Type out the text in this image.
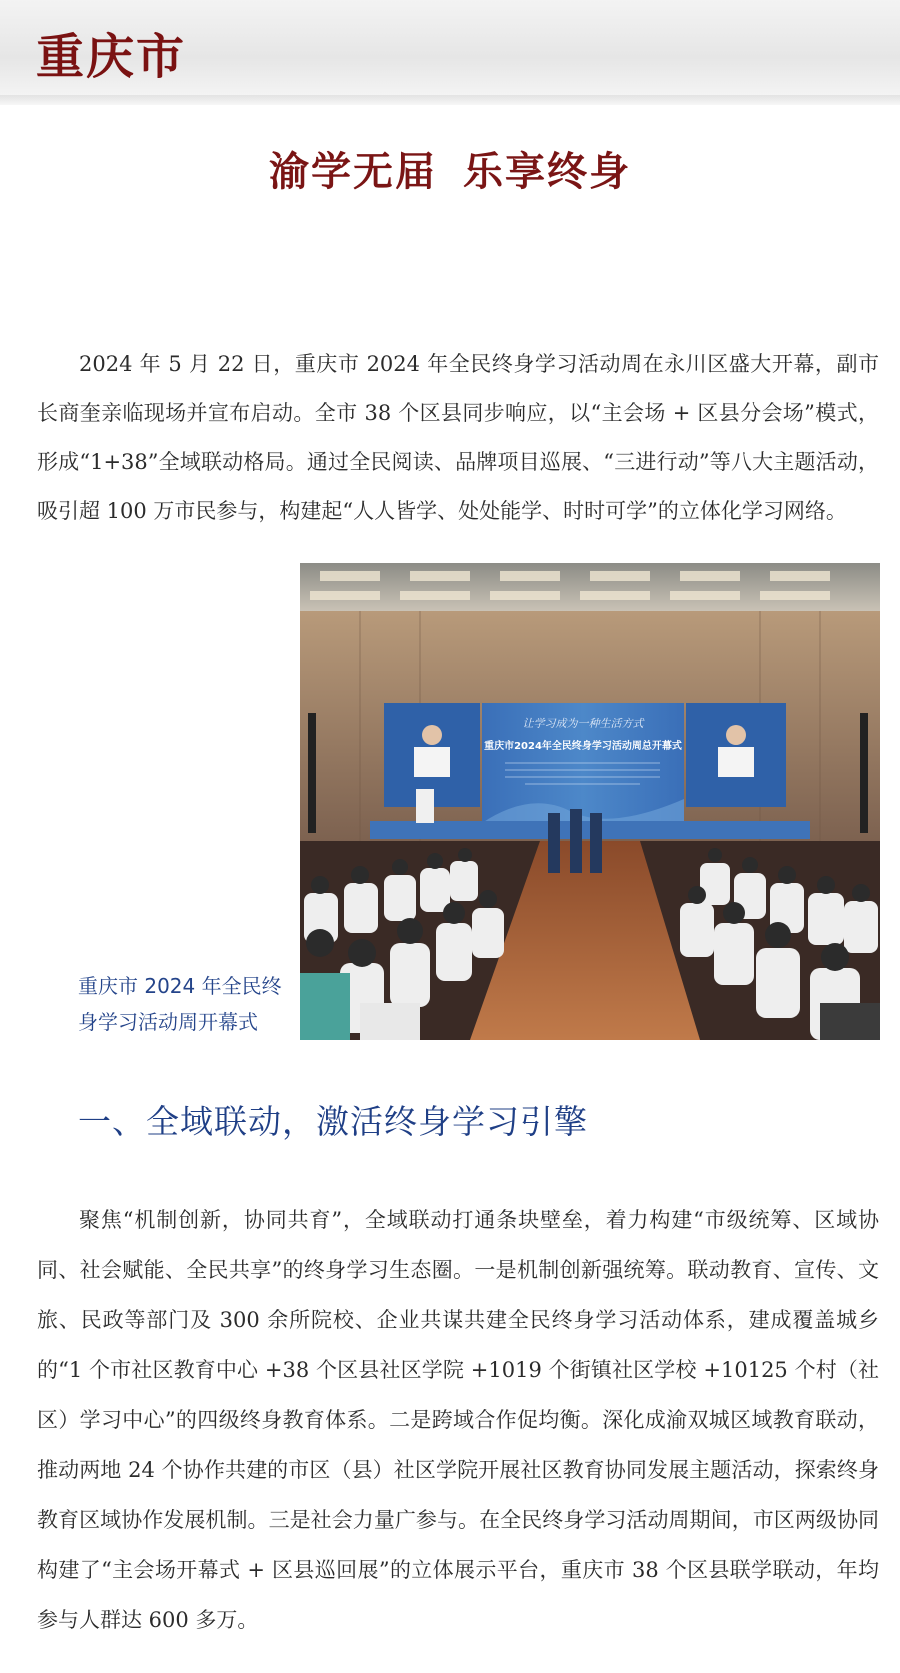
重庆市
渝学无届 乐享终身

2024 年 5 月 22 日，重庆市 2024 年全民终身学习活动周在永川区盛大开幕，副市长商奎亲临现场并宣布启动。全市 38 个区县同步响应，以“主会场 + 区县分会场”模式，形成“1+38”全域联动格局。通过全民阅读、品牌项目巡展、“三进行动”等八大主题活动，吸引超 100 万市民参与，构建起“人人皆学、处处能学、时时可学”的立体化学习网络。

让学习成为一种生活方式
重庆市2024年全民终身学习活动周总开幕式
重庆市 2024 年全民终身学习活动周开幕式
一、全域联动，激活终身学习引擎

聚焦“机制创新，协同共育”，全域联动打通条块壁垒，着力构建“市级统筹、区域协同、社会赋能、全民共享”的终身学习生态圈。一是机制创新强统筹。联动教育、宣传、文旅、民政等部门及 300 余所院校、企业共谋共建全民终身学习活动体系，建成覆盖城乡的“1 个市社区教育中心 +38 个区县社区学院 +1019 个街镇社区学校 +10125 个村（社区）学习中心”的四级终身教育体系。二是跨域合作促均衡。深化成渝双城区域教育联动，推动两地 24 个协作共建的市区（县）社区学院开展社区教育协同发展主题活动，探索终身教育区域协作发展机制。三是社会力量广参与。在全民终身学习活动周期间，市区两级协同构建了“主会场开幕式 + 区县巡回展”的立体展示平台，重庆市 38 个区县联学联动，年均参与人群达 600 多万。
